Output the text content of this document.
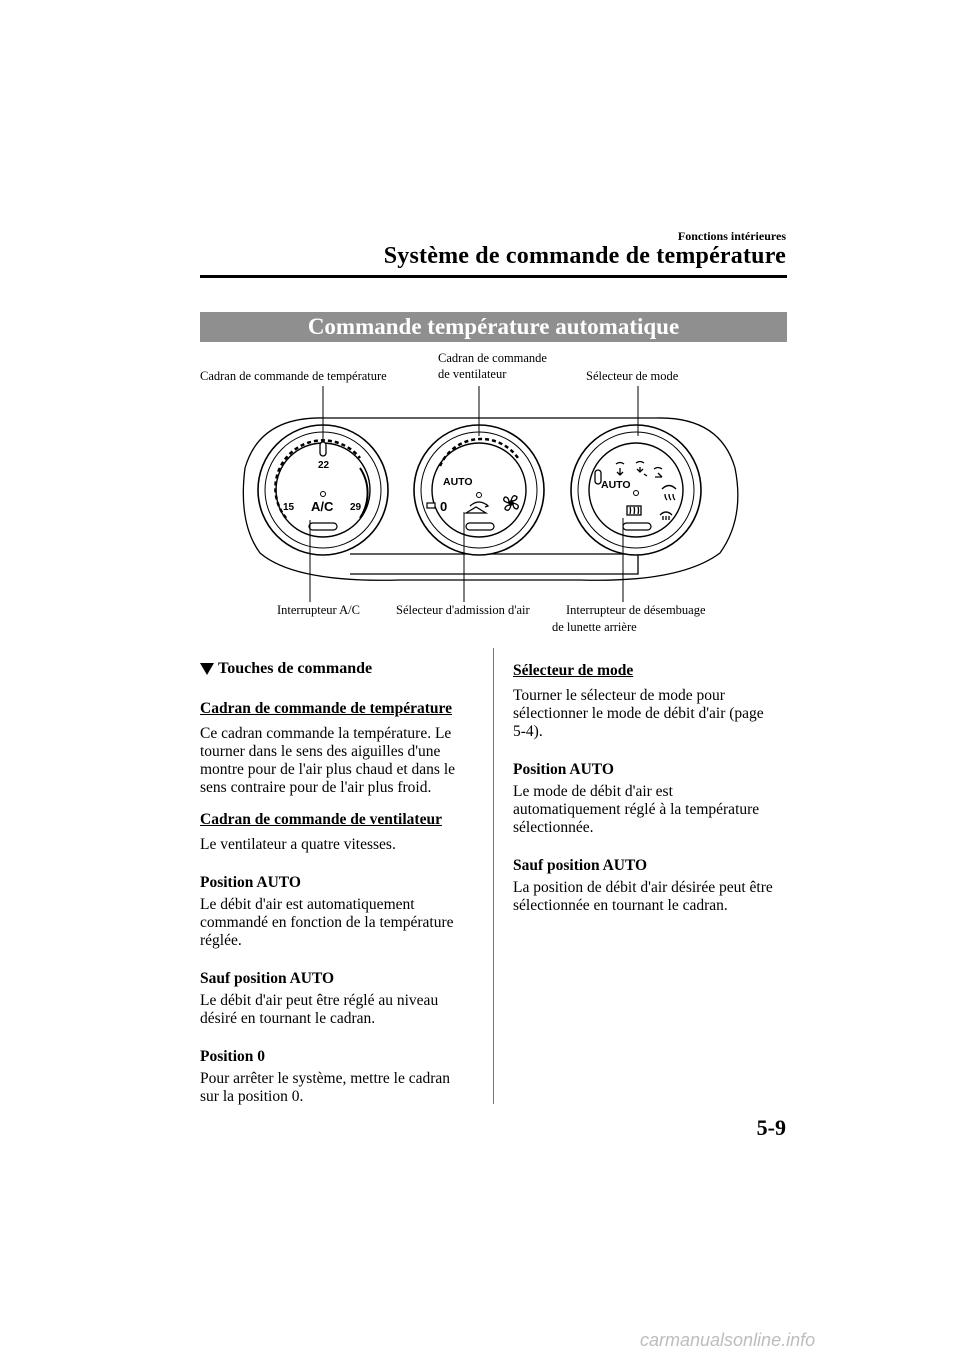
Fonctions intérieures
Système de commande de température
Commande température automatique
Cadran de commande de température
Cadran de commande
de ventilateur	Sélecteur de mode
Interrupteur A/C	Sélecteur d'admission d'air	Interrupteur de désembuage
de lunette arrière
22
15	29
A/C
AUTO
0
AUTO
Touches de commande

Cadran de commande de température

Ce cadran commande la température. Le tourner dans le sens des aiguilles d'une montre pour de l'air plus chaud et dans le sens contraire pour de l'air plus froid.

Cadran de commande de ventilateur

Le ventilateur a quatre vitesses.

Position AUTO

Le débit d'air est automatiquement commandé en fonction de la température réglée.

Sauf position AUTO

Le débit d'air peut être réglé au niveau désiré en tournant le cadran.

Position 0

Pour arrêter le système, mettre le cadran sur la position 0.

Sélecteur de mode

Tourner le sélecteur de mode pour sélectionner le mode de débit d'air (page 5-4).

Position AUTO

Le mode de débit d'air est automatiquement réglé à la température sélectionnée.

Sauf position AUTO

La position de débit d'air désirée peut être sélectionnée en tournant le cadran.

5-9
carmanualsonline.info
